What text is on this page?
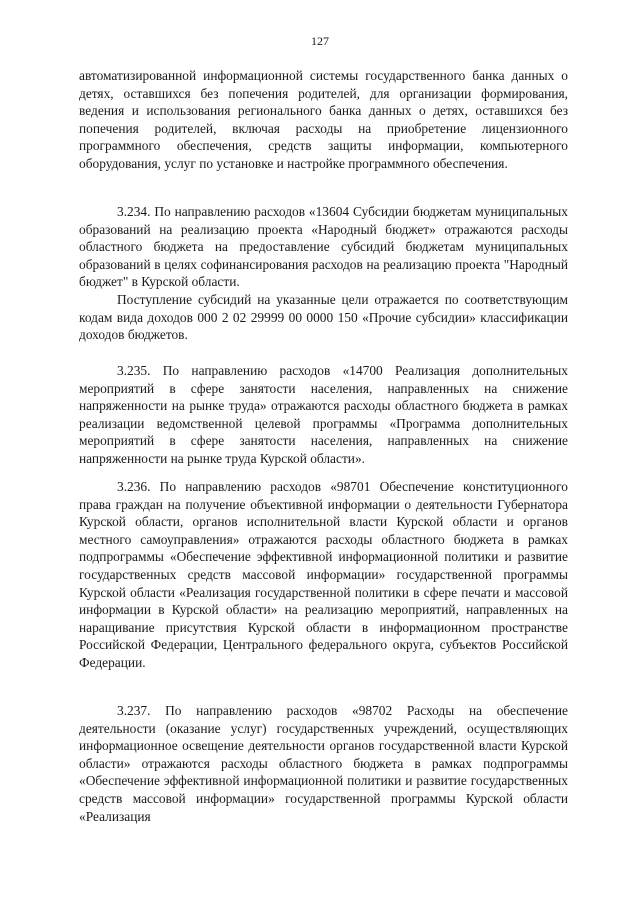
127

автоматизированной информационной системы государственного банка данных о детях, оставшихся без попечения родителей, для организации формирования, ведения и использования регионального банка данных о детях, оставшихся без попечения родителей, включая расходы на приобретение лицензионного программного обеспечения, средств защиты информации, компьютерного оборудования, услуг по установке и настройке программного обеспечения.

3.234. По направлению расходов «13604 Субсидии бюджетам муниципальных образований на реализацию проекта «Народный бюджет» отражаются расходы областного бюджета на предоставление субсидий бюджетам муниципальных образований в целях софинансирования расходов на реализацию проекта "Народный бюджет" в Курской области.

Поступление субсидий на указанные цели отражается по соответствующим кодам вида доходов 000 2 02 29999 00 0000 150 «Прочие субсидии» классификации доходов бюджетов.

3.235. По направлению расходов «14700 Реализация дополнительных мероприятий в сфере занятости населения, направленных на снижение напряженности на рынке труда» отражаются расходы областного бюджета в рамках реализации ведомственной целевой программы «Программа дополнительных мероприятий в сфере занятости населения, направленных на снижение напряженности на рынке труда Курской области».

3.236. По направлению расходов «98701 Обеспечение конституционного права граждан на получение объективной информации о деятельности Губернатора Курской области, органов исполнительной власти Курской области и органов местного самоуправления» отражаются расходы областного бюджета в рамках подпрограммы «Обеспечение эффективной информационной политики и развитие государственных средств массовой информации» государственной программы Курской области «Реализация государственной политики в сфере печати и массовой информации в Курской области» на реализацию мероприятий, направленных на наращивание присутствия Курской области в информационном пространстве Российской Федерации, Центрального федерального округа, субъектов Российской Федерации.

3.237. По направлению расходов «98702 Расходы на обеспечение деятельности (оказание услуг) государственных учреждений, осуществляющих информационное освещение деятельности органов государственной власти Курской области» отражаются расходы областного бюджета в рамках подпрограммы «Обеспечение эффективной информационной политики и развитие государственных средств массовой информации» государственной программы Курской области «Реализация
